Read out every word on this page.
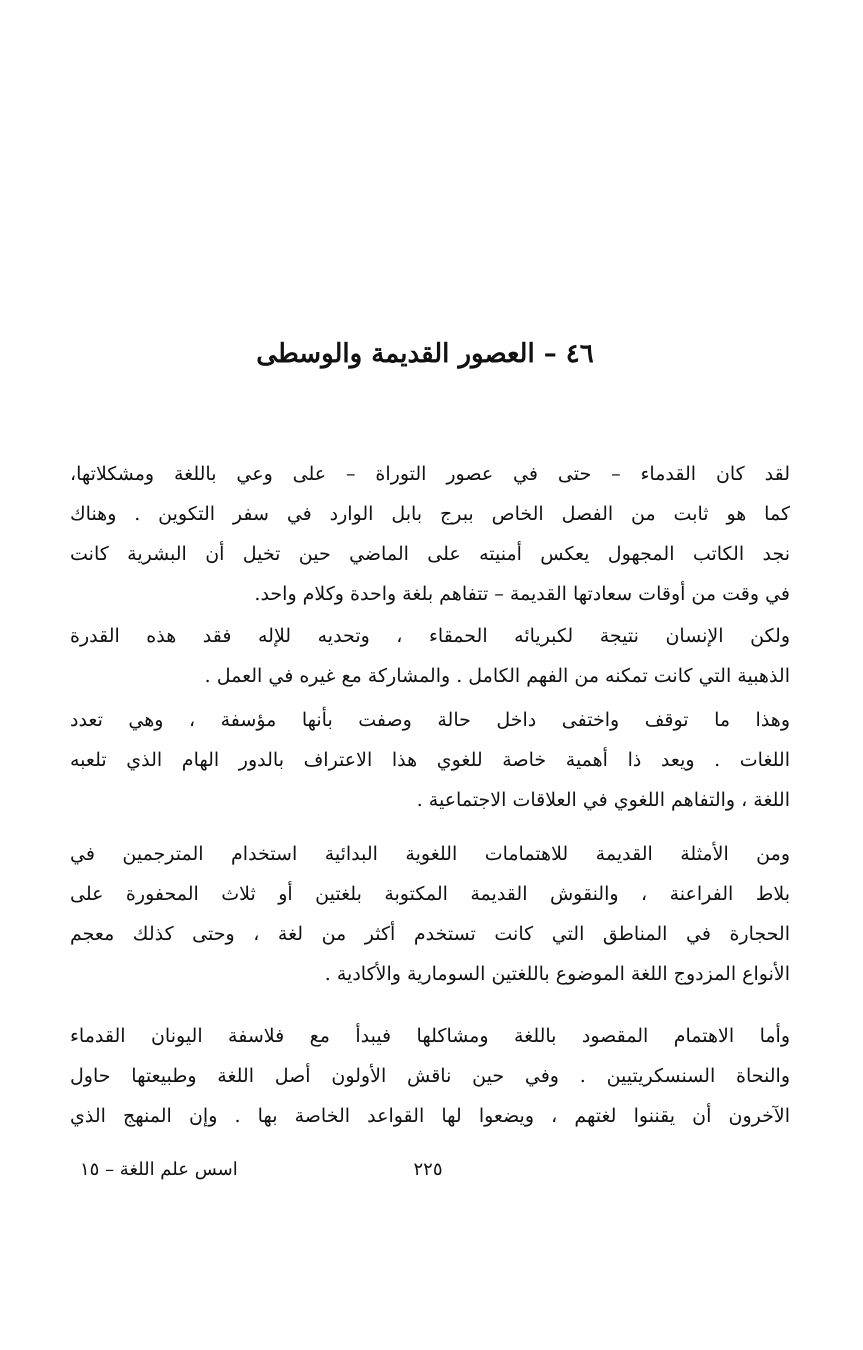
٤٦ – العصور القديمة والوسطى
لقد كان القدماء – حتى في عصور التوراة – على وعي باللغة ومشكلاتها،
كما هو ثابت من الفصل الخاص ببرج بابل الوارد في سفر التكوين . وهناك
نجد الكاتب المجهول يعكس أمنيته على الماضي حين تخيل أن البشرية كانت
في وقت من أوقات سعادتها القديمة – تتفاهم بلغة واحدة وكلام واحد.
ولكن الإنسان نتيجة لكبريائه الحمقاء ، وتحديه للإله فقد هذه القدرة
الذهبية التي كانت تمكنه من الفهم الكامل . والمشاركة مع غيره في العمل .
وهذا ما توقف واختفى داخل حالة وصفت بأنها مؤسفة ، وهي تعدد
اللغات . ويعد ذا أهمية خاصة للغوي هذا الاعتراف بالدور الهام الذي تلعبه
اللغة ، والتفاهم اللغوي في العلاقات الاجتماعية .
ومن الأمثلة القديمة للاهتمامات اللغوية البدائية استخدام المترجمين في
بلاط الفراعنة ، والنقوش القديمة المكتوبة بلغتين أو ثلاث المحفورة على
الحجارة في المناطق التي كانت تستخدم أكثر من لغة ، وحتى كذلك معجم
الأنواع المزدوج اللغة الموضوع باللغتين السومارية والأكادية .
وأما الاهتمام المقصود باللغة ومشاكلها فيبدأ مع فلاسفة اليونان القدماء
والنحاة السنسكريتيين . وفي حين ناقش الأولون أصل اللغة وطبيعتها حاول
الآخرون أن يقننوا لغتهم ، ويضعوا لها القواعد الخاصة بها . وإن المنهج الذي
٢٢٥
اسس علم اللغة – ١٥
